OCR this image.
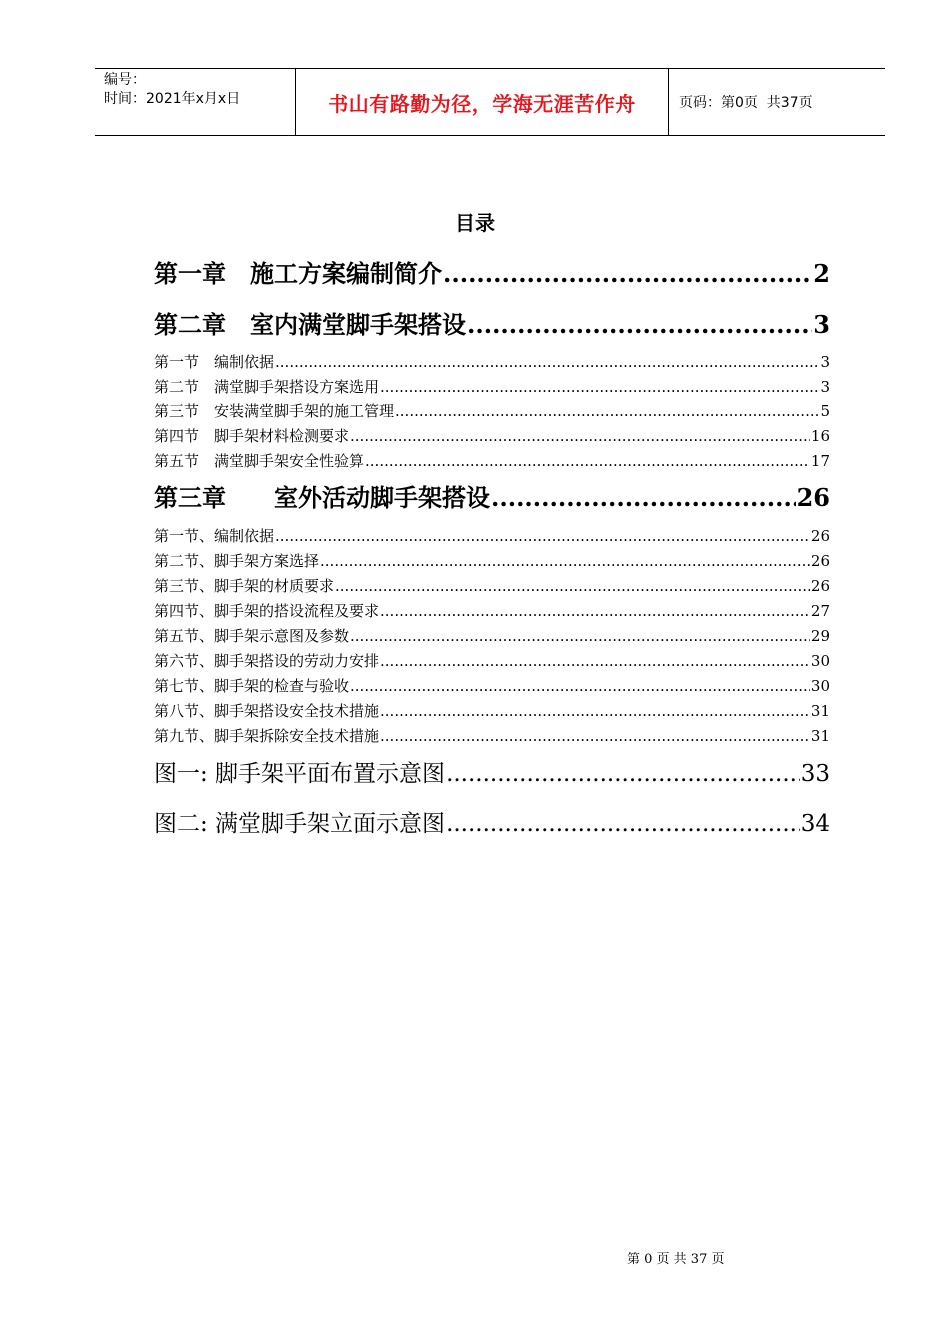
编号：
时间：2021年x月x日	书山有路勤为径，学海无涯苦作舟	页码：第0页  共37页
目录
第一章　施工方案编制简介 .....	2
第二章　室内满堂脚手架搭设 .....	3
第一节　编制依据 .....	3
第二节　满堂脚手架搭设方案选用 .....	3
第三节　安装满堂脚手架的施工管理 .....	5
第四节　脚手架材料检测要求 .....	16
第五节　满堂脚手架安全性验算 .....	17
第三章　　室外活动脚手架搭设 .....	26
第一节、编制依据 .....	26
第二节、脚手架方案选择 .....	26
第三节、脚手架的材质要求 .....	26
第四节、脚手架的搭设流程及要求 .....	27
第五节、脚手架示意图及参数 .....	29
第六节、脚手架搭设的劳动力安排 .....	30
第七节、脚手架的检查与验收 .....	30
第八节、脚手架搭设安全技术措施 .....	31
第九节、脚手架拆除安全技术措施 .....	31
图一: 脚手架平面布置示意图 .....	33
图二: 满堂脚手架立面示意图 .....	34
第 0 页 共 37 页
